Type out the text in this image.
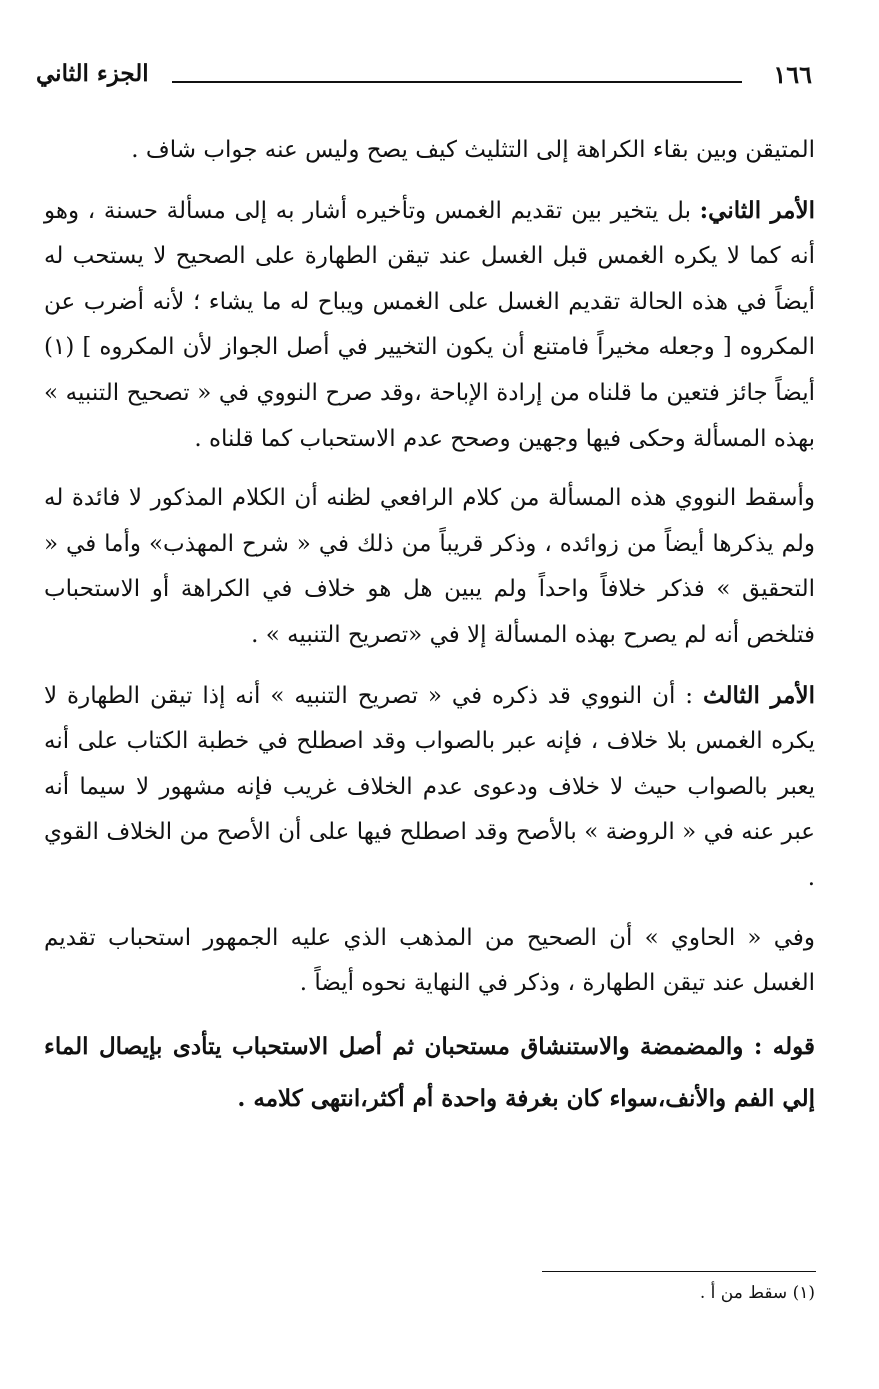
١٦٦
الجزء الثاني

المتيقن وبين بقاء الكراهة إلى التثليث كيف يصح وليس عنه جواب شاف .

الأمر الثاني: بل يتخير بين تقديم الغمس وتأخيره أشار به إلى مسألة حسنة ، وهو أنه كما لا يكره الغمس قبل الغسل عند تيقن الطهارة على الصحيح لا يستحب له أيضاً في هذه الحالة تقديم الغسل على الغمس ويباح له ما يشاء ؛ لأنه أضرب عن المكروه [ وجعله مخيراً فامتنع أن يكون التخيير في أصل الجواز لأن المكروه ] (١) أيضاً جائز فتعين ما قلناه من إرادة الإباحة ،وقد صرح النووي في « تصحيح التنبيه » بهذه المسألة وحكى فيها وجهين وصحح عدم الاستحباب كما قلناه .

وأسقط النووي هذه المسألة من كلام الرافعي لظنه أن الكلام المذكور لا فائدة له ولم يذكرها أيضاً من زوائده ، وذكر قريباً من ذلك في « شرح المهذب» وأما في « التحقيق » فذكر خلافاً واحداً ولم يبين هل هو خلاف في الكراهة أو الاستحباب فتلخص أنه لم يصرح بهذه المسألة إلا في «تصريح التنبيه » .

الأمر الثالث : أن النووي قد ذكره في « تصريح التنبيه » أنه إذا تيقن الطهارة لا يكره الغمس بلا خلاف ، فإنه عبر بالصواب وقد اصطلح في خطبة الكتاب على أنه يعبر بالصواب حيث لا خلاف ودعوى عدم الخلاف غريب فإنه مشهور لا سيما أنه عبر عنه في « الروضة » بالأصح وقد اصطلح فيها على أن الأصح من الخلاف القوي .

وفي « الحاوي » أن الصحيح من المذهب الذي عليه الجمهور استحباب تقديم الغسل عند تيقن الطهارة ، وذكر في النهاية نحوه أيضاً .

قوله : والمضمضة والاستنشاق مستحبان ثم أصل الاستحباب يتأدى بإيصال الماء إلي الفم والأنف،سواء كان بغرفة واحدة أم أكثر،انتهى كلامه .

(١) سقط من أ .
